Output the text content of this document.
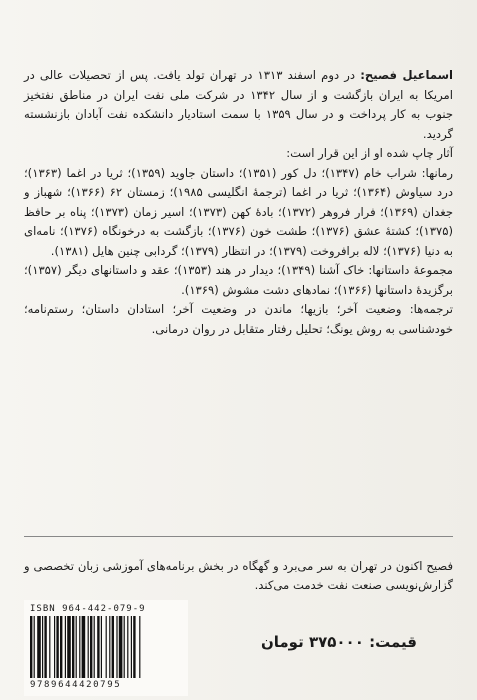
اسماعیل فصیح: در دوم اسفند ۱۳۱۳ در تهران تولد یافت. پس از تحصیلات عالی در امریکا به ایران بازگشت و از سال ۱۳۴۲ در شرکت ملی نفت ایران در مناطق نفتخیز جنوب به کار پرداخت و در سال ۱۳۵۹ با سمت استادیار دانشکده نفت آبادان بازنشسته گردید.

آثار چاپ شده او از این قرار است:

رمانها: شراب خام (۱۳۴۷)؛ دل کور (۱۳۵۱)؛ داستان جاوید (۱۳۵۹)؛ ثریا در اغما (۱۳۶۳)؛ درد سیاوش (۱۳۶۴)؛ ثریا در اغما (ترجمهٔ انگلیسی ۱۹۸۵)؛ زمستان ۶۲ (۱۳۶۶)؛ شهباز و جغدان (۱۳۶۹)؛ فرار فروهر (۱۳۷۲)؛ بادهٔ کهن (۱۳۷۳)؛ اسیر زمان (۱۳۷۳)؛ پناه بر حافظ (۱۳۷۵)؛ کشتهٔ عشق (۱۳۷۶)؛ طشت خون (۱۳۷۶)؛ بازگشت به درخونگاه (۱۳۷۶)؛ نامه‌ای به دنیا (۱۳۷۶)؛ لاله برافروخت (۱۳۷۹)؛ در انتظار (۱۳۷۹)؛ گردابی چنین هایل (۱۳۸۱).

مجموعهٔ داستانها: خاک آشنا (۱۳۴۹)؛ دیدار در هند (۱۳۵۳)؛ عقد و داستانهای دیگر (۱۳۵۷)؛ برگزیدهٔ داستانها (۱۳۶۶)؛ نمادهای دشت مشوش (۱۳۶۹).

ترجمه‌ها: وضعیت آخر؛ بازیها؛ ماندن در وضعیت آخر؛ استادان داستان؛ رستم‌نامه؛ خودشناسی به روش یونگ؛ تحلیل رفتار متقابل در روان درمانی.

فصیح اکنون در تهران به سر می‌برد و گهگاه در بخش برنامه‌های آموزشی زبان تخصصی و گزارش‌نویسی صنعت نفت خدمت می‌کند.

ISBN 964-442-079-9
9789644420795
قیمت: ۳۷۵۰۰۰ تومان
